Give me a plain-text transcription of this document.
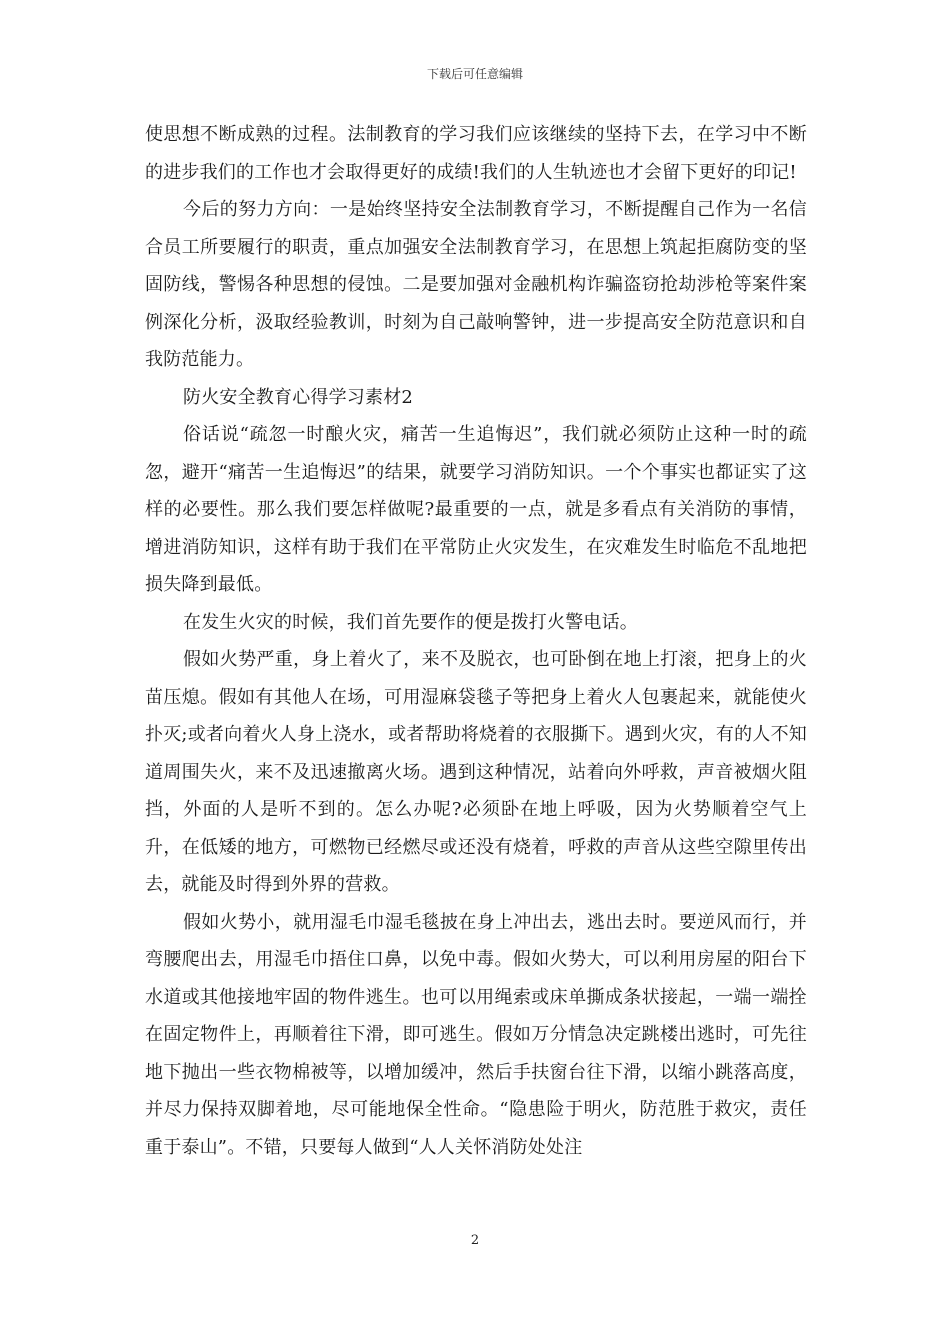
下载后可任意编辑

使思想不断成熟的过程。法制教育的学习我们应该继续的坚持下去，在学习中不断的进步我们的工作也才会取得更好的成绩!我们的人生轨迹也才会留下更好的印记!

今后的努力方向：一是始终坚持安全法制教育学习，不断提醒自己作为一名信合员工所要履行的职责，重点加强安全法制教育学习，在思想上筑起拒腐防变的坚固防线，警惕各种思想的侵蚀。二是要加强对金融机构诈骗盗窃抢劫涉枪等案件案例深化分析，汲取经验教训，时刻为自己敲响警钟，进一步提高安全防范意识和自我防范能力。

防火安全教育心得学习素材2

俗话说“疏忽一时酿火灾，痛苦一生追悔迟”，我们就必须防止这种一时的疏忽，避开“痛苦一生追悔迟”的结果，就要学习消防知识。一个个事实也都证实了这样的必要性。那么我们要怎样做呢?最重要的一点，就是多看点有关消防的事情，增进消防知识，这样有助于我们在平常防止火灾发生，在灾难发生时临危不乱地把损失降到最低。

在发生火灾的时候，我们首先要作的便是拨打火警电话。

假如火势严重，身上着火了，来不及脱衣，也可卧倒在地上打滚，把身上的火苗压熄。假如有其他人在场，可用湿麻袋毯子等把身上着火人包裹起来，就能使火扑灭;或者向着火人身上浇水，或者帮助将烧着的衣服撕下。遇到火灾，有的人不知道周围失火，来不及迅速撤离火场。遇到这种情况，站着向外呼救，声音被烟火阻挡，外面的人是听不到的。怎么办呢?必须卧在地上呼吸，因为火势顺着空气上升，在低矮的地方，可燃物已经燃尽或还没有烧着，呼救的声音从这些空隙里传出去，就能及时得到外界的营救。

假如火势小，就用湿毛巾湿毛毯披在身上冲出去，逃出去时。要逆风而行，并弯腰爬出去，用湿毛巾捂住口鼻，以免中毒。假如火势大，可以利用房屋的阳台下水道或其他接地牢固的物件逃生。也可以用绳索或床单撕成条状接起，一端一端拴在固定物件上，再顺着往下滑，即可逃生。假如万分情急决定跳楼出逃时，可先往地下抛出一些衣物棉被等，以增加缓冲，然后手扶窗台往下滑，以缩小跳落高度，并尽力保持双脚着地，尽可能地保全性命。“隐患险于明火，防范胜于救灾，责任重于泰山”。不错，只要每人做到“人人关怀消防处处注

2
